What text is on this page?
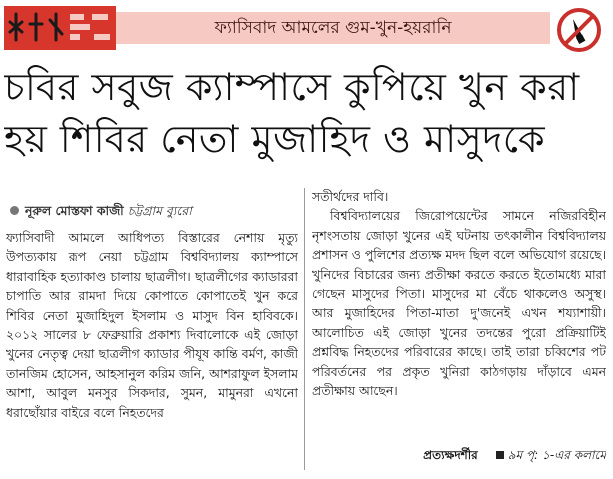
ফ্যাসিবাদ আমলের গুম-খুন-হয়রানি
চবির সবুজ ক্যাম্পাসে কুপিয়ে খুন করা
হয় শিবির নেতা মুজাহিদ ও মাসুদকে
নূরুল মোস্তফা কাজী চট্টগ্রাম ব্যুরো
ফ্যাসিবাদী আমলে আধিপত্য বিস্তারের নেশায় মৃত্যু উপত্যকায় রূপ নেয়া চট্টগ্রাম বিশ্ববিদ্যালয় ক্যাম্পাসে ধারাবাহিক হত্যাকাণ্ড চালায় ছাত্রলীগ। ছাত্রলীগের ক্যাডাররা চাপাতি আর রামদা দিয়ে কোপাতে কোপাতেই খুন করে শিবির নেতা মুজাহিদুল ইসলাম ও মাসুদ বিন হাবিবকে। ২০১২ সালের ৮ ফেব্রুয়ারি প্রকাশ্য দিবালোকে এই জোড়া খুনের নেতৃত্ব দেয়া ছাত্রলীগ ক্যাডার পীযূষ কান্তি বর্মণ, কাজী তানজিম হোসেন, আহসানুল করিম জনি, আশরাফুল ইসলাম আশা, আবুল মনসুর সিকদার, সুমন, মামুনরা এখনো ধরাছোঁয়ার বাইরে বলে নিহতদের
সতীর্থদের দাবি।
বিশ্ববিদ্যালয়ের জিরোপয়েন্টের সামনে নজিরবিহীন নৃশংসতায় জোড়া খুনের এই ঘটনায় তৎকালীন বিশ্ববিদ্যালয় প্রশাসন ও পুলিশের প্রত্যক্ষ মদদ ছিল বলে অভিযোগ রয়েছে। খুনিদের বিচারের জন্য প্রতীক্ষা করতে করতে ইতোমধ্যে মারা গেছেন মাসুদের পিতা। মাসুদের মা বেঁচে থাকলেও অসুস্থ। আর মুজাহিদের পিতা-মাতা দু'জনেই এখন শয্যাশায়ী। আলোচিত এই জোড়া খুনের তদন্তের পুরো প্রক্রিয়াটিই প্রশ্নবিদ্ধ নিহতদের পরিবারের কাছে। তাই তারা চব্বিশের পট পরিবর্তনের পর প্রকৃত খুনিরা কাঠগড়ায় দাঁড়াবে এমন প্রতীক্ষায় আছেন।
প্রত্যক্ষদর্শীর	৯ম পৃ: ১-এর কলামে
